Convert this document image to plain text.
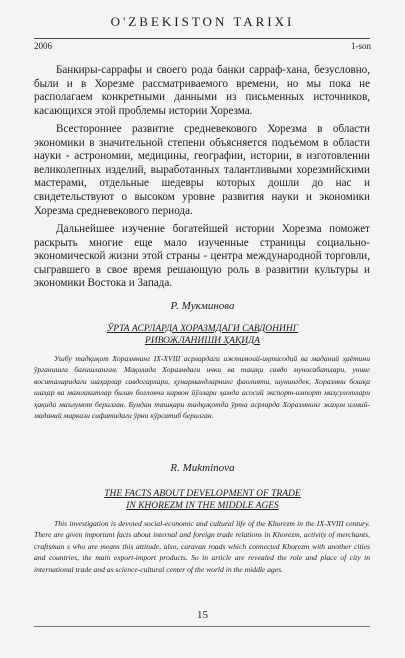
O'ZBEKISTON TARIXI
2006	1-son

Банкиры-саррафы и своего рода банки сарраф-хана, безусловно, были и в Хорезме рассматриваемого времени, но мы пока не располагаем конкретными данными из письменных источников, касающихся этой проблемы истории Хорезма.

Всестороннее развитие средневекового Хорезма в области экономики в значительной степени объясняется подъемом в области науки - астрономии, медицины, географии, истории, в изготовлении великолепных изделий, выработанных талантливыми хорезмийскими мастерами, отдельные шедевры которых дошли до нас и свидетельствуют о высоком уровне развития науки и экономики Хорезма средневекового периода.

Дальнейшее изучение богатейшей истории Хорезма поможет раскрыть многие еще мало изученные страницы социально-экономической жизни этой страны - центра международной торговли, сыгравшего в свое время решающую роль в развитии культуры и экономики Востока и Запада.

Р. Мукминова
ЎРТА АСРЛАРДА ХОРАЗМДАГИ САВДОНИНГ
РИВОЖЛАНИШИ ҲАҚИДА

Ушбу тадқиқот Хоразмнинг IX-XVIII асрлардаги ижтимоий-иқтисодий ва маданий ҳаётини ўрганишга бағишланган. Мақолада Хоразмдаги ички ва ташқи савдо муносабатлари, унинг воситаларидаги шаҳарлар савдогарлари, ҳунармандларнинг фаолияти, шунингдек, Хоразмни бошқа шаҳар ва мамлакатлар билан боғловчи карвон йўллари ҳамда асосий экспорт-импорт маҳсулотлари ҳақида маълумот берилган. Бундан ташқари тадқиқотда ўрта асрларда Хоразмнинг жаҳон илмий-маданий маркази сифатидаги ўрни кўрсатиб берилган.

R. Mukminova
THE FACTS ABOUT DEVELOPMENT OF TRADE
IN KHOREZM IN THE MIDDLE AGES

This investigation is devoted social-economic and cultural life of the Khorezm in the IX-XVIII century. There are given important facts about internal and foreign trade relations in Khorezm, activity of merchants, craftsman s who are means this attitude, also, caravan roads which connected Khorezm with another cities and countries, the main export-import products. So in article are revealed the role and place of city in international trade and as science-cultural center of the world in the middle ages.

15
